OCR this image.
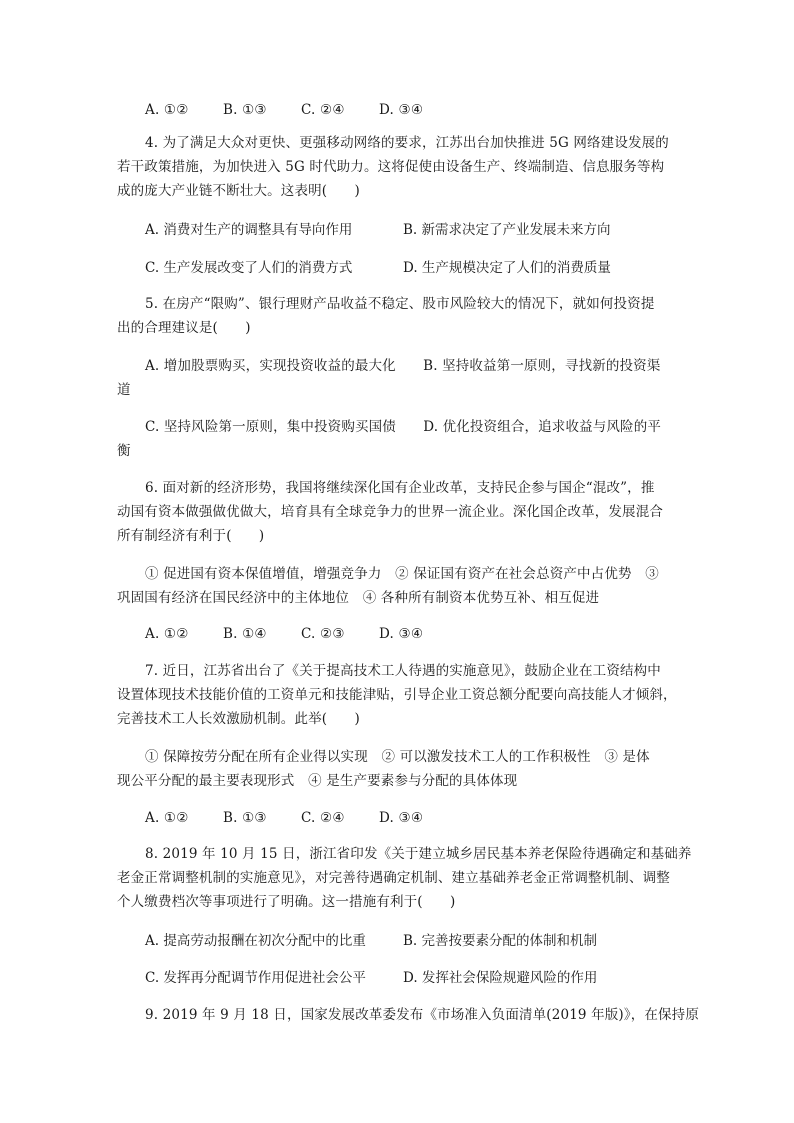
A. ①②	B. ①③	C. ②④	D. ③④
4. 为了满足大众对更快、更强移动网络的要求，江苏出台加快推进 5G 网络建设发展的
若干政策措施，为加快进入 5G 时代助力。这将促使由设备生产、终端制造、信息服务等构
成的庞大产业链不断壮大。这表明(　　)
A. 消费对生产的调整具有导向作用	B. 新需求决定了产业发展未来方向
C. 生产发展改变了人们的消费方式	D. 生产规模决定了人们的消费质量
5. 在房产“限购”、银行理财产品收益不稳定、股市风险较大的情况下，就如何投资提
出的合理建议是(　　)
A. 增加股票购买，实现投资收益的最大化　　B. 坚持收益第一原则，寻找新的投资渠
道
C. 坚持风险第一原则，集中投资购买国债　　D. 优化投资组合，追求收益与风险的平
衡
6. 面对新的经济形势，我国将继续深化国有企业改革，支持民企参与国企“混改”，推
动国有资本做强做优做大，培育具有全球竞争力的世界一流企业。深化国企改革，发展混合
所有制经济有利于(　　)
① 促进国有资本保值增值，增强竞争力　② 保证国有资产在社会总资产中占优势　③
巩固国有经济在国民经济中的主体地位　④ 各种所有制资本优势互补、相互促进
A. ①②	B. ①④	C. ②③	D. ③④
7. 近日，江苏省出台了《关于提高技术工人待遇的实施意见》，鼓励企业在工资结构中
设置体现技术技能价值的工资单元和技能津贴，引导企业工资总额分配要向高技能人才倾斜，
完善技术工人长效激励机制。此举(　　)
① 保障按劳分配在所有企业得以实现　② 可以激发技术工人的工作积极性　③ 是体
现公平分配的最主要表现形式　④ 是生产要素参与分配的具体体现
A. ①②	B. ①③	C. ②④	D. ③④
8. 2019 年 10 月 15 日，浙江省印发《关于建立城乡居民基本养老保险待遇确定和基础养
老金正常调整机制的实施意见》，对完善待遇确定机制、建立基础养老金正常调整机制、调整
个人缴费档次等事项进行了明确。这一措施有利于(　　)
A. 提高劳动报酬在初次分配中的比重	B. 完善按要素分配的体制和机制
C. 发挥再分配调节作用促进社会公平	D. 发挥社会保险规避风险的作用
9. 2019 年 9 月 18 日，国家发展改革委发布《市场准入负面清单(2019 年版)》，在保持原
